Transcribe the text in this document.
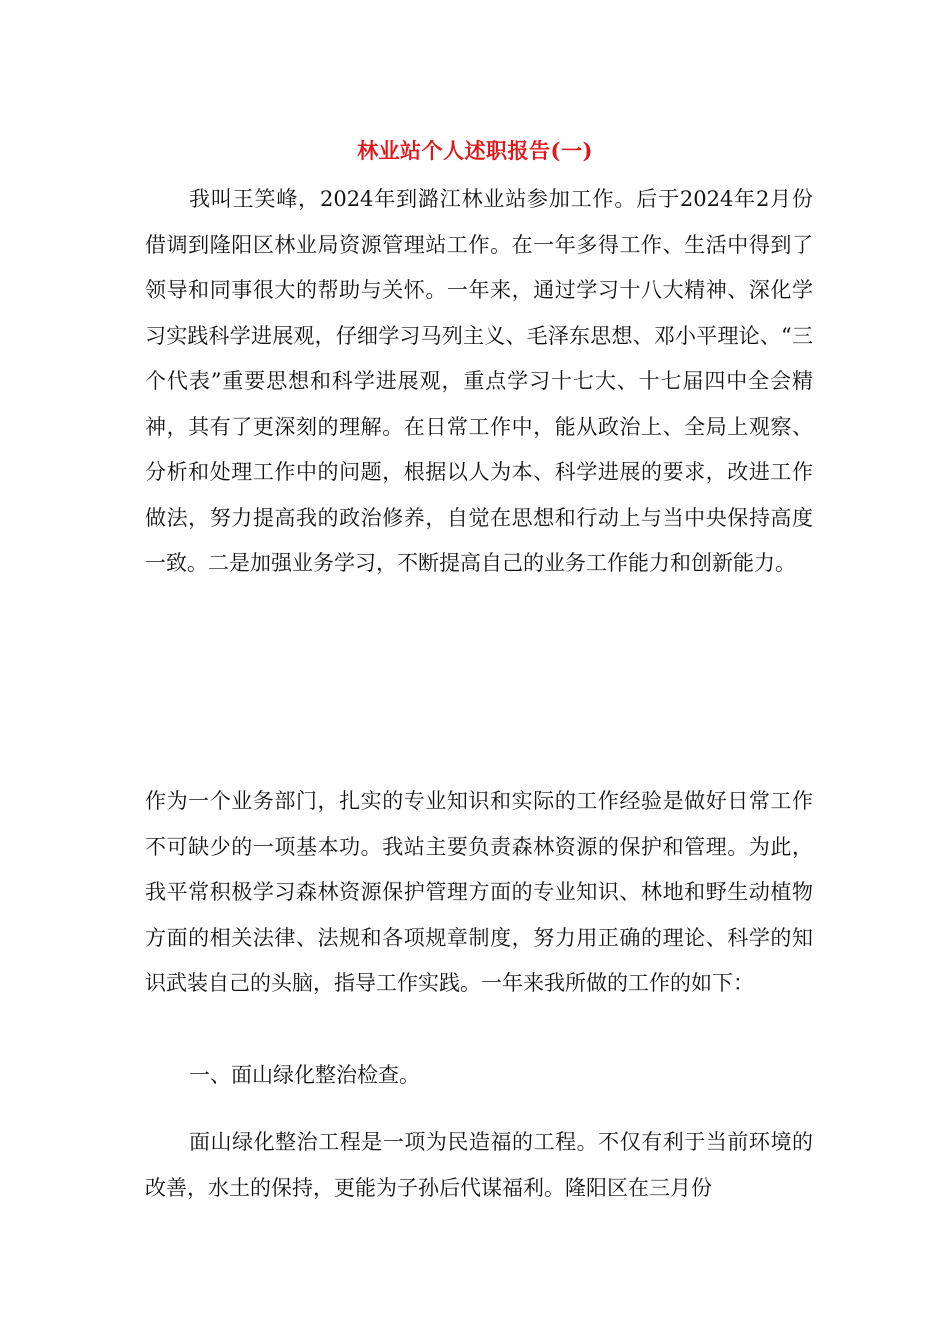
林业站个人述职报告(一)

我叫王笑峰，2024年到潞江林业站参加工作。后于2024年2月份借调到隆阳区林业局资源管理站工作。在一年多得工作、生活中得到了领导和同事很大的帮助与关怀。一年来，通过学习十八大精神、深化学习实践科学进展观，仔细学习马列主义、毛泽东思想、邓小平理论、“三个代表”重要思想和科学进展观，重点学习十七大、十七届四中全会精神，其有了更深刻的理解。在日常工作中，能从政治上、全局上观察、分析和处理工作中的问题，根据以人为本、科学进展的要求，改进工作做法，努力提高我的政治修养，自觉在思想和行动上与当中央保持高度一致。二是加强业务学习，不断提高自己的业务工作能力和创新能力。

作为一个业务部门，扎实的专业知识和实际的工作经验是做好日常工作不可缺少的一项基本功。我站主要负责森林资源的保护和管理。为此，我平常积极学习森林资源保护管理方面的专业知识、林地和野生动植物方面的相关法律、法规和各项规章制度，努力用正确的理论、科学的知识武装自己的头脑，指导工作实践。一年来我所做的工作的如下：

一、面山绿化整治检查。

面山绿化整治工程是一项为民造福的工程。不仅有利于当前环境的改善，水土的保持，更能为子孙后代谋福利。隆阳区在三月份
